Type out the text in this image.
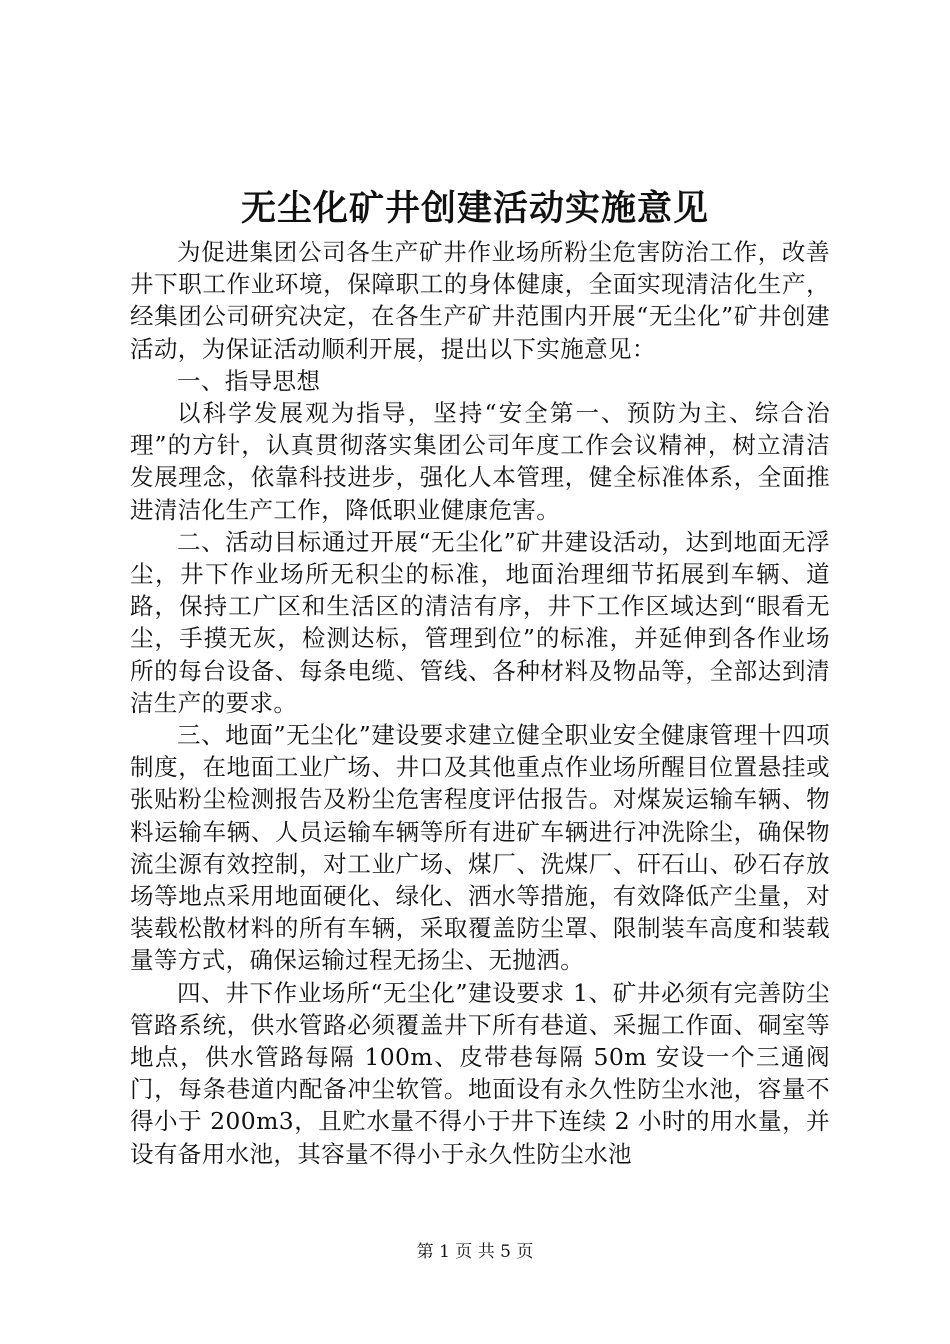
无尘化矿井创建活动实施意见

为促进集团公司各生产矿井作业场所粉尘危害防治工作，改善井下职工作业环境，保障职工的身体健康，全面实现清洁化生产，经集团公司研究决定，在各生产矿井范围内开展“无尘化”矿井创建活动，为保证活动顺利开展，提出以下实施意见：

一、指导思想

以科学发展观为指导，坚持“安全第一、预防为主、综合治理”的方针，认真贯彻落实集团公司年度工作会议精神，树立清洁发展理念，依靠科技进步，强化人本管理，健全标准体系，全面推进清洁化生产工作，降低职业健康危害。

二、活动目标通过开展“无尘化”矿井建设活动，达到地面无浮尘，井下作业场所无积尘的标准，地面治理细节拓展到车辆、道路，保持工广区和生活区的清洁有序，井下工作区域达到“眼看无尘，手摸无灰，检测达标，管理到位”的标准，并延伸到各作业场所的每台设备、每条电缆、管线、各种材料及物品等，全部达到清洁生产的要求。

三、地面”无尘化”建设要求建立健全职业安全健康管理十四项制度，在地面工业广场、井口及其他重点作业场所醒目位置悬挂或张贴粉尘检测报告及粉尘危害程度评估报告。对煤炭运输车辆、物料运输车辆、人员运输车辆等所有进矿车辆进行冲洗除尘，确保物流尘源有效控制，对工业广场、煤厂、洗煤厂、矸石山、砂石存放场等地点采用地面硬化、绿化、洒水等措施，有效降低产尘量，对装载松散材料的所有车辆，采取覆盖防尘罩、限制装车高度和装载量等方式，确保运输过程无扬尘、无抛洒。

四、井下作业场所“无尘化”建设要求 1、矿井必须有完善防尘管路系统，供水管路必须覆盖井下所有巷道、采掘工作面、硐室等地点，供水管路每隔 100m、皮带巷每隔 50m 安设一个三通阀门，每条巷道内配备冲尘软管。地面设有永久性防尘水池，容量不得小于 200m3，且贮水量不得小于井下连续 2 小时的用水量，并设有备用水池，其容量不得小于永久性防尘水池

第 1 页 共 5 页
